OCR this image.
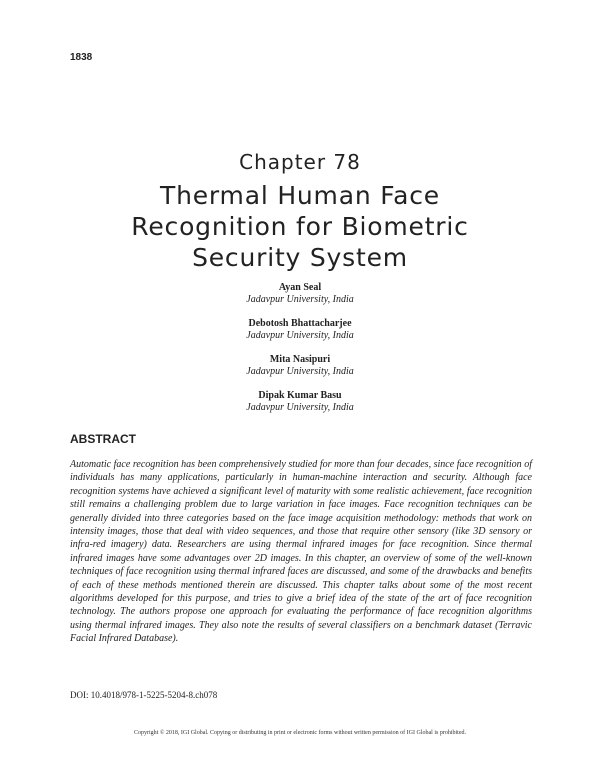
1838
Chapter 78
Thermal Human Face
Recognition for Biometric
Security System
Ayan Seal
Jadavpur University, India
Debotosh Bhattacharjee
Jadavpur University, India
Mita Nasipuri
Jadavpur University, India
Dipak Kumar Basu
Jadavpur University, India
ABSTRACT

Automatic face recognition has been comprehensively studied for more than four decades, since face recognition of individuals has many applications, particularly in human-machine interaction and security. Although face recognition systems have achieved a significant level of maturity with some realistic achievement, face recognition still remains a challenging problem due to large variation in face images. Face recognition techniques can be generally divided into three categories based on the face image acquisition methodology: methods that work on intensity images, those that deal with video sequences, and those that require other sensory (like 3D sensory or infra-red imagery) data. Researchers are using thermal infrared images for face recognition. Since thermal infrared images have some advantages over 2D images. In this chapter, an overview of some of the well-known techniques of face recognition using thermal infrared faces are discussed, and some of the drawbacks and benefits of each of these methods mentioned therein are discussed. This chapter talks about some of the most recent algorithms developed for this purpose, and tries to give a brief idea of the state of the art of face recognition technology. The authors propose one approach for evaluating the performance of face recognition algorithms using thermal infrared images. They also note the results of several classifiers on a benchmark dataset (Terravic Facial Infrared Database).

DOI: 10.4018/978-1-5225-5204-8.ch078
Copyright © 2018, IGI Global. Copying or distributing in print or electronic forms without written permission of IGI Global is prohibited.
